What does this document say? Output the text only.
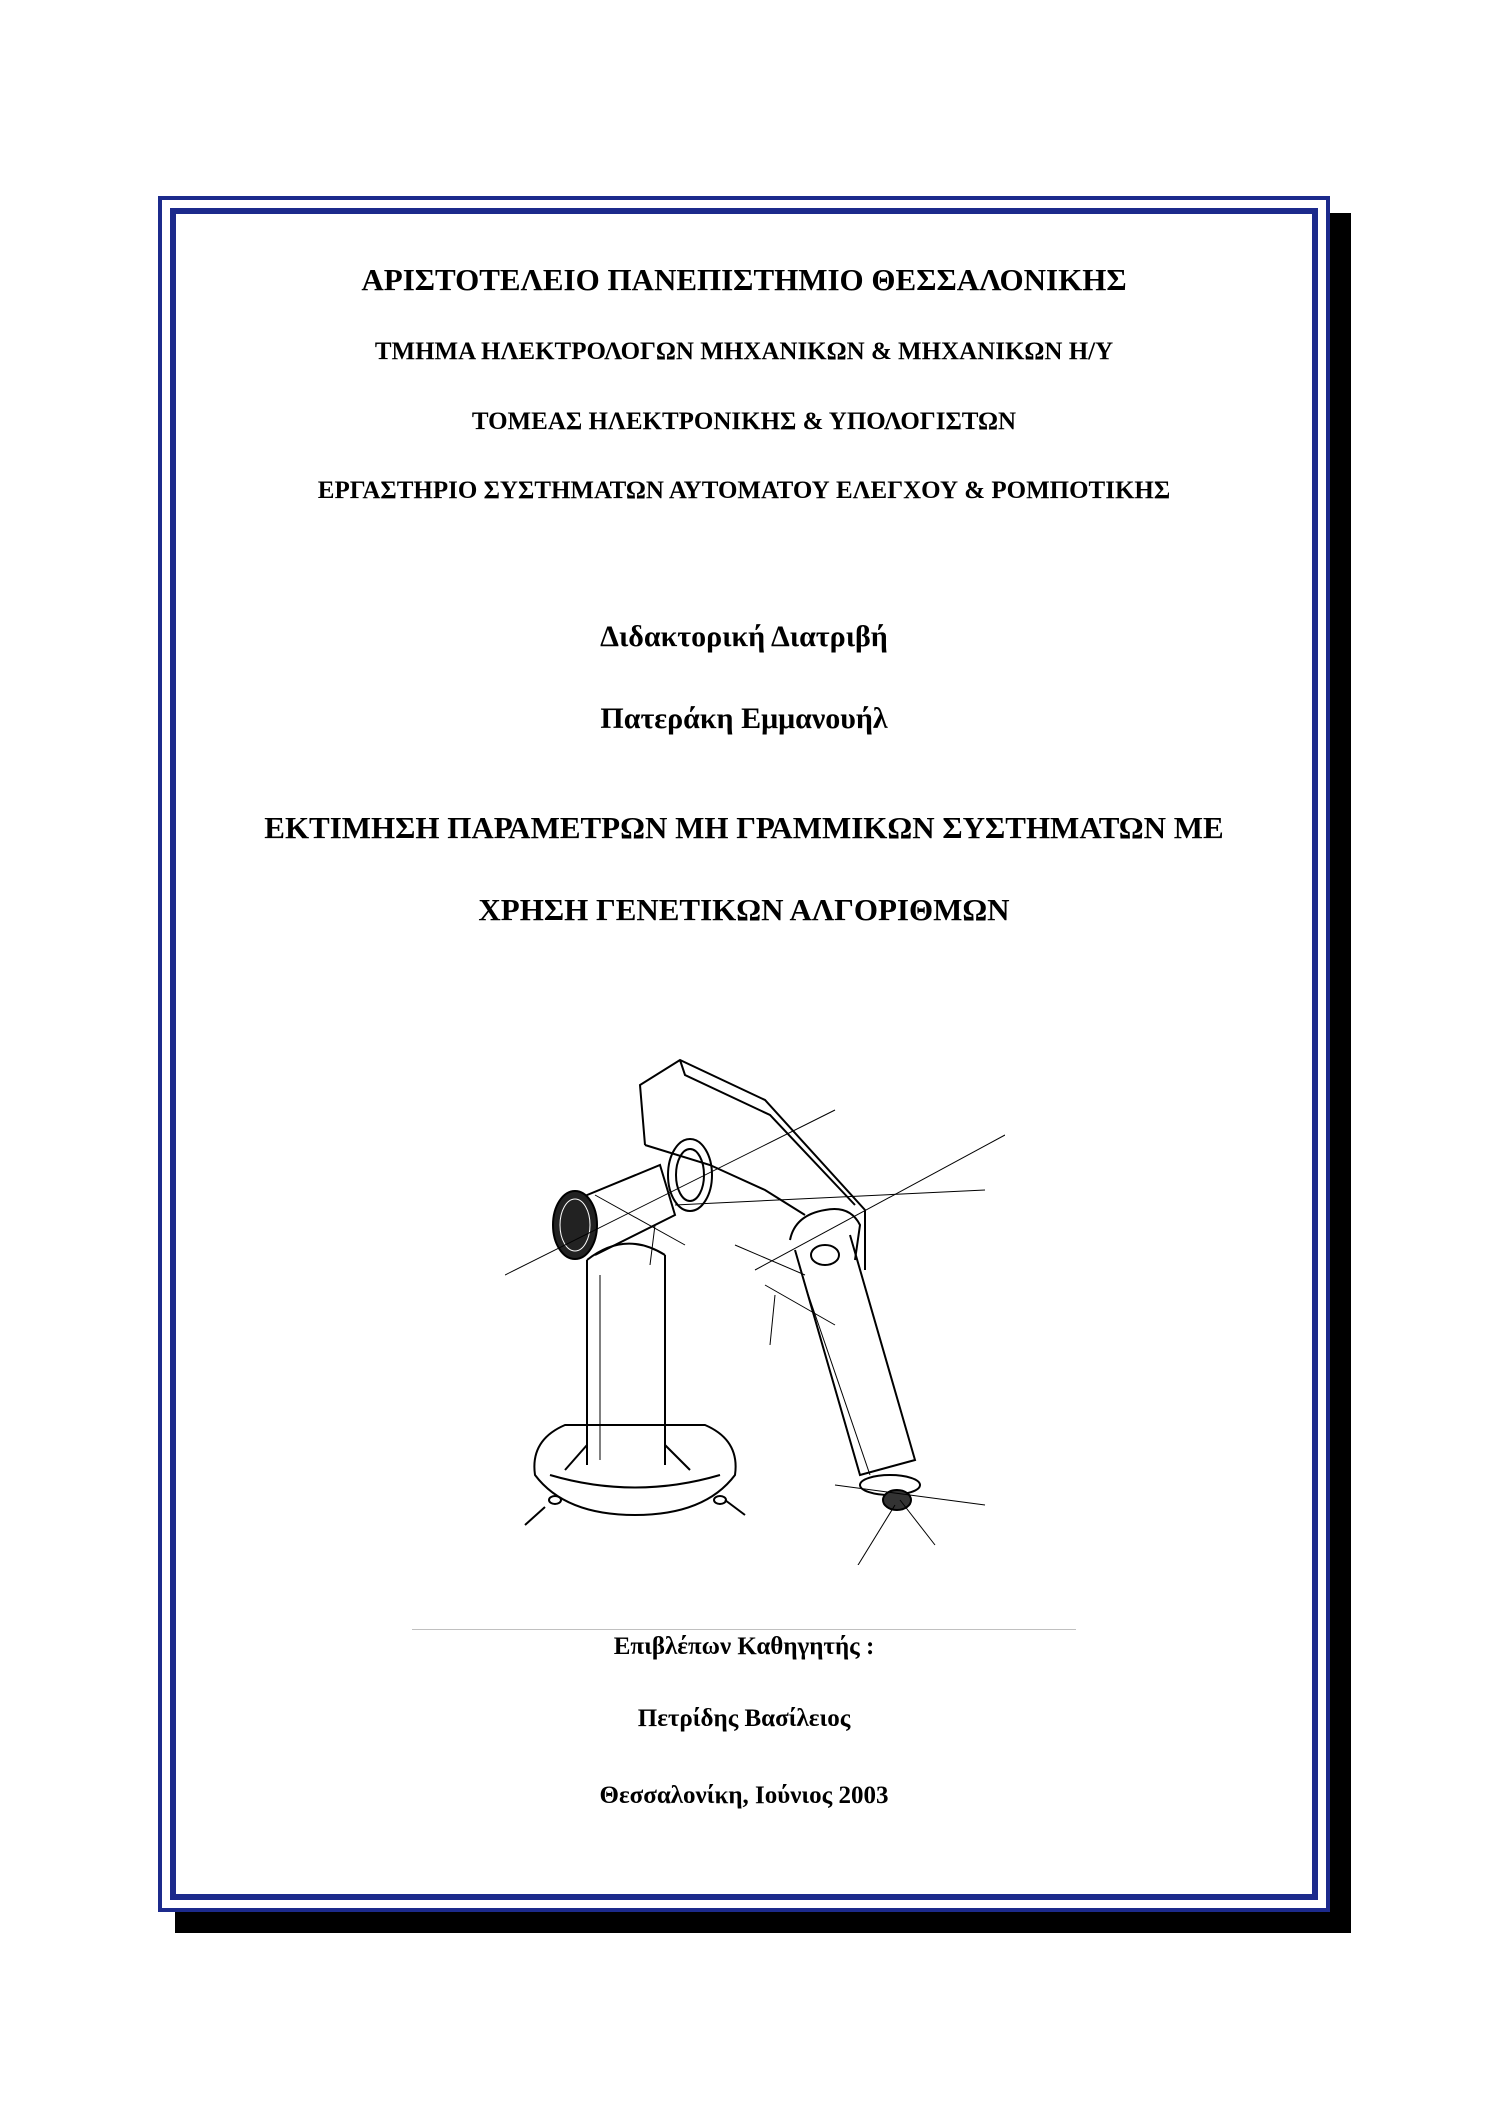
ΑΡΙΣΤΟΤΕΛΕΙΟ ΠΑΝΕΠΙΣΤΗΜΙΟ ΘΕΣΣΑΛΟΝΙΚΗΣ
ΤΜΗΜΑ ΗΛΕΚΤΡΟΛΟΓΩΝ ΜΗΧΑΝΙΚΩΝ & ΜΗΧΑΝΙΚΩΝ Η/Υ
ΤΟΜΕΑΣ ΗΛΕΚΤΡΟΝΙΚΗΣ & ΥΠΟΛΟΓΙΣΤΩΝ
ΕΡΓΑΣΤΗΡΙΟ ΣΥΣΤΗΜΑΤΩΝ ΑΥΤΟΜΑΤΟΥ ΕΛΕΓΧΟΥ & ΡΟΜΠΟΤΙΚΗΣ
Διδακτορική Διατριβή
Πατεράκη Εμμανουήλ
ΕΚΤΙΜΗΣΗ ΠΑΡΑΜΕΤΡΩΝ ΜΗ ΓΡΑΜΜΙΚΩΝ ΣΥΣΤΗΜΑΤΩΝ ΜΕ
ΧΡΗΣΗ ΓΕΝΕΤΙΚΩΝ ΑΛΓΟΡΙΘΜΩΝ
Επιβλέπων Καθηγητής :
Πετρίδης Βασίλειος
Θεσσαλονίκη, Ιούνιος 2003
